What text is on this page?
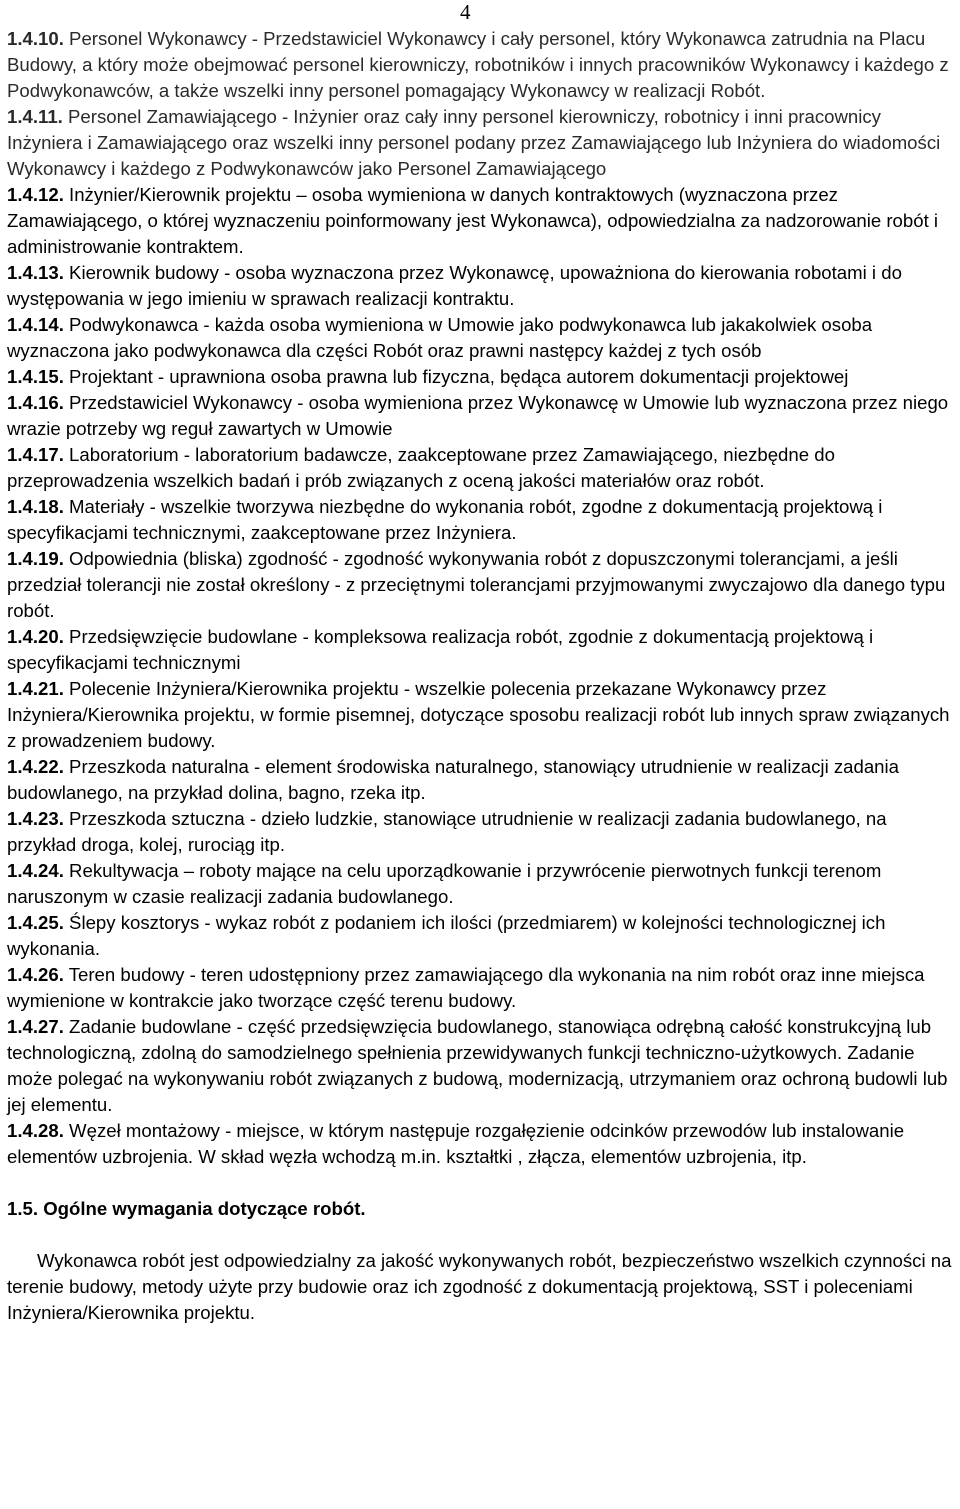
4

1.4.10. Personel Wykonawcy - Przedstawiciel Wykonawcy i cały personel, który Wykonawca zatrudnia na Placu Budowy, a który może obejmować personel kierowniczy, robotników i innych pracowników Wykonawcy i każdego z Podwykonawców, a także wszelki inny personel pomagający Wykonawcy w realizacji Robót.

1.4.11. Personel Zamawiającego - Inżynier oraz cały inny personel kierowniczy, robotnicy i inni pracownicy Inżyniera i Zamawiającego oraz wszelki inny personel podany przez Zamawiającego lub Inżyniera do wiadomości Wykonawcy i każdego z Podwykonawców jako Personel Zamawiającego

1.4.12. Inżynier/Kierownik projektu – osoba wymieniona w danych kontraktowych (wyznaczona przez Zamawiającego, o której wyznaczeniu poinformowany jest Wykonawca), odpowiedzialna za nadzorowanie robót i administrowanie kontraktem.

1.4.13. Kierownik budowy - osoba wyznaczona przez Wykonawcę, upoważniona do kierowania robotami i do występowania w jego imieniu w sprawach realizacji kontraktu.

1.4.14. Podwykonawca - każda osoba wymieniona w Umowie jako podwykonawca lub jakakolwiek osoba
wyznaczona jako podwykonawca dla części Robót oraz prawni następcy każdej z tych osób

1.4.15. Projektant - uprawniona osoba prawna lub fizyczna, będąca autorem dokumentacji projektowej

1.4.16. Przedstawiciel Wykonawcy - osoba wymieniona przez Wykonawcę w Umowie lub wyznaczona przez niego wrazie potrzeby wg reguł zawartych w Umowie

1.4.17. Laboratorium - laboratorium badawcze, zaakceptowane przez Zamawiającego, niezbędne do przeprowadzenia wszelkich badań i prób związanych z oceną jakości materiałów oraz robót.

1.4.18. Materiały - wszelkie tworzywa niezbędne do wykonania robót, zgodne z dokumentacją projektową i specyfikacjami technicznymi, zaakceptowane przez Inżyniera.

1.4.19. Odpowiednia (bliska) zgodność - zgodność wykonywania robót z dopuszczonymi tolerancjami, a jeśli przedział tolerancji nie został określony - z przeciętnymi tolerancjami przyjmowanymi zwyczajowo dla danego typu robót.

1.4.20. Przedsięwzięcie budowlane - kompleksowa realizacja robót, zgodnie z dokumentacją projektową i specyfikacjami technicznymi

1.4.21. Polecenie Inżyniera/Kierownika projektu - wszelkie polecenia przekazane Wykonawcy przez Inżyniera/Kierownika projektu, w formie pisemnej, dotyczące sposobu realizacji robót lub innych spraw związanych z prowadzeniem budowy.

1.4.22. Przeszkoda naturalna - element środowiska naturalnego, stanowiący utrudnienie w realizacji zadania budowlanego, na przykład dolina, bagno, rzeka itp.

1.4.23. Przeszkoda sztuczna - dzieło ludzkie, stanowiące utrudnienie w realizacji zadania budowlanego, na przykład droga, kolej, rurociąg itp.

1.4.24. Rekultywacja – roboty mające na celu uporządkowanie i przywrócenie pierwotnych funkcji terenom naruszonym w czasie realizacji zadania budowlanego.

1.4.25. Ślepy kosztorys - wykaz robót z podaniem ich ilości (przedmiarem) w kolejności technologicznej ich wykonania.

1.4.26. Teren budowy - teren udostępniony przez zamawiającego dla wykonania na nim robót oraz inne miejsca wymienione w kontrakcie jako tworzące część terenu budowy.

1.4.27. Zadanie budowlane - część przedsięwzięcia budowlanego, stanowiąca odrębną całość konstrukcyjną lub technologiczną, zdolną do samodzielnego spełnienia przewidywanych funkcji techniczno-użytkowych. Zadanie może polegać na wykonywaniu robót związanych z budową, modernizacją, utrzymaniem oraz ochroną budowli lub jej elementu.

1.4.28. Węzeł montażowy - miejsce, w którym następuje rozgałęzienie odcinków przewodów lub instalowanie elementów uzbrojenia. W skład węzła wchodzą m.in. kształtki , złącza, elementów uzbrojenia, itp.

1.5. Ogólne wymagania dotyczące robót.

Wykonawca robót jest odpowiedzialny za jakość wykonywanych robót, bezpieczeństwo wszelkich czynności na terenie budowy, metody użyte przy budowie oraz ich zgodność z dokumentacją projektową, SST i poleceniami Inżyniera/Kierownika projektu.
